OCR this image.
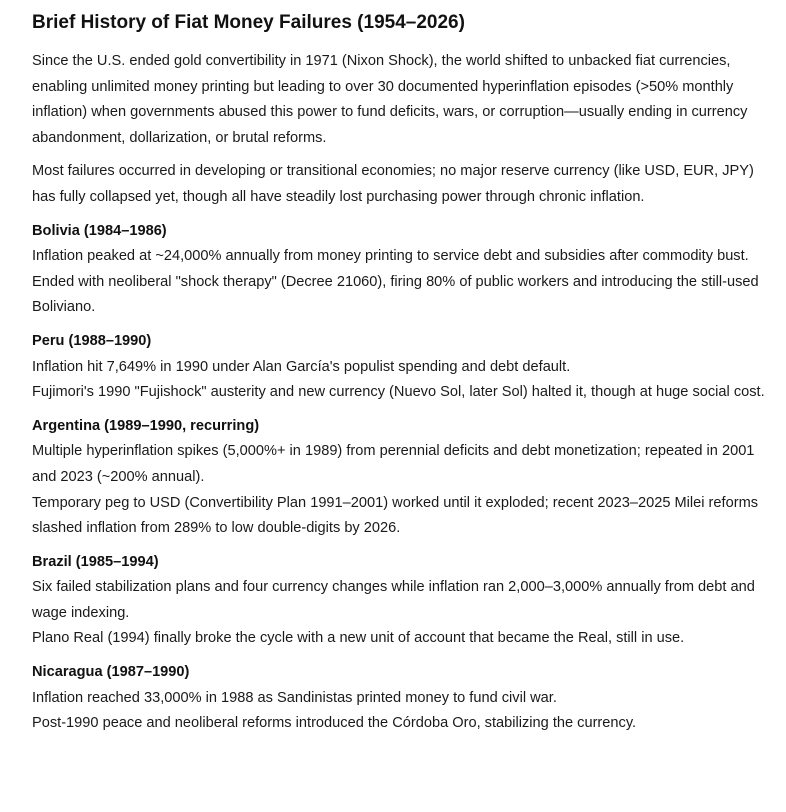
Brief History of Fiat Money Failures (1954–2026)

Since the U.S. ended gold convertibility in 1971 (Nixon Shock), the world shifted to unbacked fiat currencies, enabling unlimited money printing but leading to over 30 documented hyperinflation episodes (>50% monthly inflation) when governments abused this power to fund deficits, wars, or corruption—usually ending in currency abandonment, dollarization, or brutal reforms.

Most failures occurred in developing or transitional economies; no major reserve currency (like USD, EUR, JPY) has fully collapsed yet, though all have steadily lost purchasing power through chronic inflation.

Bolivia (1984–1986)
Inflation peaked at ~24,000% annually from money printing to service debt and subsidies after commodity bust.
Ended with neoliberal "shock therapy" (Decree 21060), firing 80% of public workers and introducing the still-used Boliviano.
Peru (1988–1990)
Inflation hit 7,649% in 1990 under Alan García's populist spending and debt default.
Fujimori's 1990 "Fujishock" austerity and new currency (Nuevo Sol, later Sol) halted it, though at huge social cost.
Argentina (1989–1990, recurring)
Multiple hyperinflation spikes (5,000%+ in 1989) from perennial deficits and debt monetization; repeated in 2001 and 2023 (~200% annual).
Temporary peg to USD (Convertibility Plan 1991–2001) worked until it exploded; recent 2023–2025 Milei reforms slashed inflation from 289% to low double-digits by 2026.
Brazil (1985–1994)
Six failed stabilization plans and four currency changes while inflation ran 2,000–3,000% annually from debt and wage indexing.
Plano Real (1994) finally broke the cycle with a new unit of account that became the Real, still in use.
Nicaragua (1987–1990)
Inflation reached 33,000% in 1988 as Sandinistas printed money to fund civil war.
Post-1990 peace and neoliberal reforms introduced the Córdoba Oro, stabilizing the currency.
